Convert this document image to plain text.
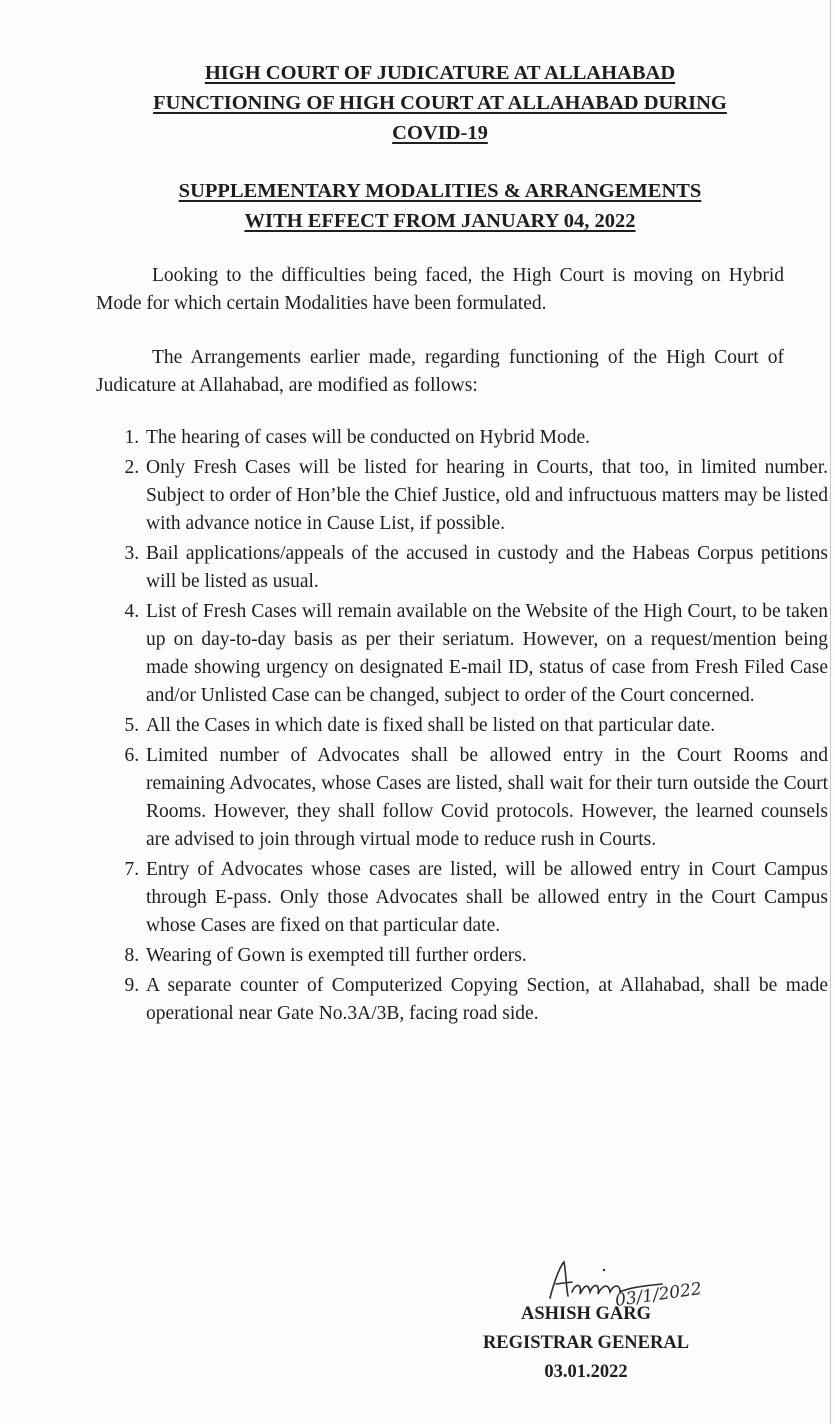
HIGH COURT OF JUDICATURE AT ALLAHABAD
FUNCTIONING OF HIGH COURT AT ALLAHABAD DURING
COVID-19
SUPPLEMENTARY MODALITIES & ARRANGEMENTS
WITH EFFECT FROM JANUARY 04, 2022

Looking to the difficulties being faced, the High Court is moving on Hybrid Mode for which certain Modalities have been formulated.

The Arrangements earlier made, regarding functioning of the High Court of Judicature at Allahabad, are modified as follows:

1. The hearing of cases will be conducted on Hybrid Mode.
2. Only Fresh Cases will be listed for hearing in Courts, that too, in limited number. Subject to order of Hon’ble the Chief Justice, old and infructuous matters may be listed with advance notice in Cause List, if possible.
3. Bail applications/appeals of the accused in custody and the Habeas Corpus petitions will be listed as usual.
4. List of Fresh Cases will remain available on the Website of the High Court, to be taken up on day-to-day basis as per their seriatum. However, on a request/mention being made showing urgency on designated E-mail ID, status of case from Fresh Filed Case and/or Unlisted Case can be changed, subject to order of the Court concerned.
5. All the Cases in which date is fixed shall be listed on that particular date.
6. Limited number of Advocates shall be allowed entry in the Court Rooms and remaining Advocates, whose Cases are listed, shall wait for their turn outside the Court Rooms. However, they shall follow Covid protocols. However, the learned counsels are advised to join through virtual mode to reduce rush in Courts.
7. Entry of Advocates whose cases are listed, will be allowed entry in Court Campus through E-pass. Only those Advocates shall be allowed entry in the Court Campus whose Cases are fixed on that particular date.
8. Wearing of Gown is exempted till further orders.
9. A separate counter of Computerized Copying Section, at Allahabad, shall be made operational near Gate No.3A/3B, facing road side.
03/1/2022
ASHISH GARG
REGISTRAR GENERAL
03.01.2022
